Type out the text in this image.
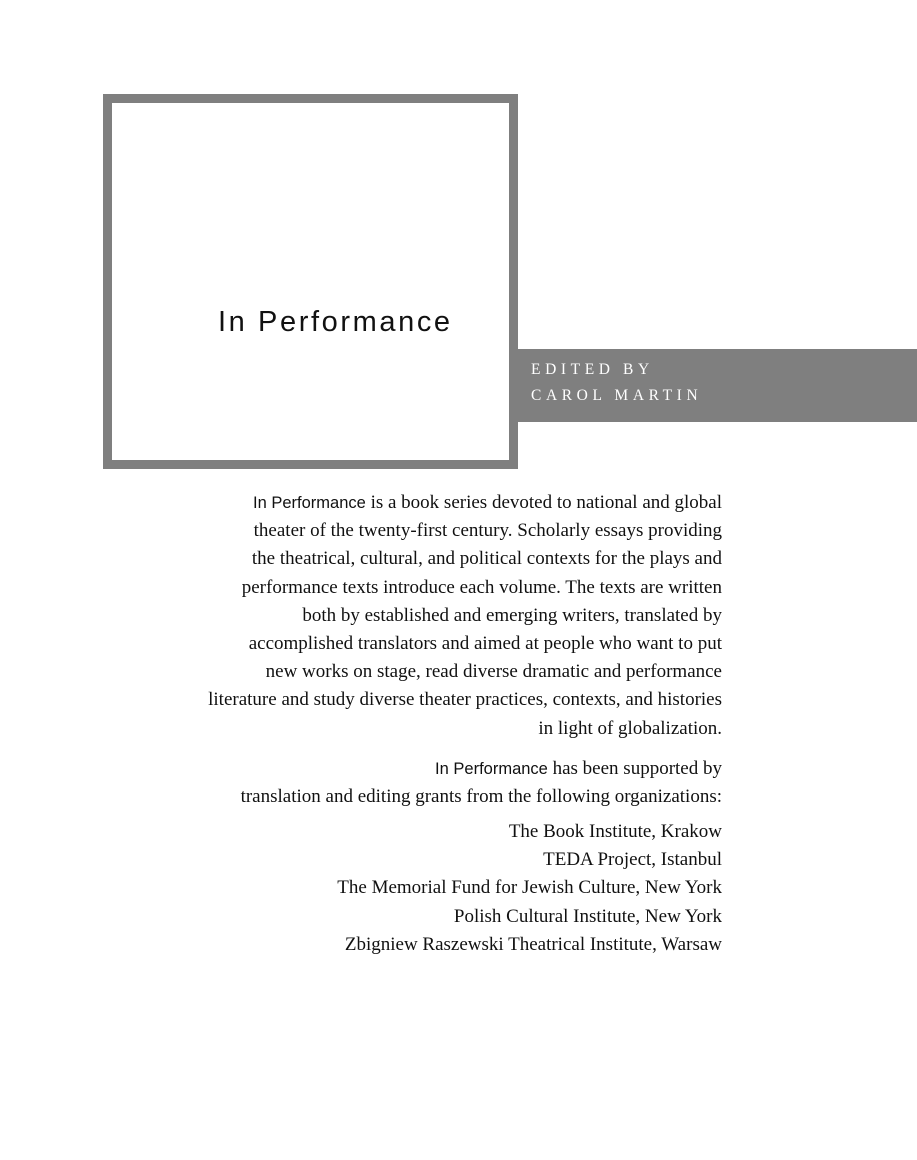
In Performance
EDITED BY
CAROL MARTIN

In Performance is a book series devoted to national and global
theater of the twenty-first century. Scholarly essays providing
the theatrical, cultural, and political contexts for the plays and
performance texts introduce each volume. The texts are written
both by established and emerging writers, translated by
accomplished translators and aimed at people who want to put
new works on stage, read diverse dramatic and performance
literature and study diverse theater practices, contexts, and histories
in light of globalization.

In Performance has been supported by
translation and editing grants from the following organizations:

The Book Institute, Krakow
TEDA Project, Istanbul
The Memorial Fund for Jewish Culture, New York
Polish Cultural Institute, New York
Zbigniew Raszewski Theatrical Institute, Warsaw
